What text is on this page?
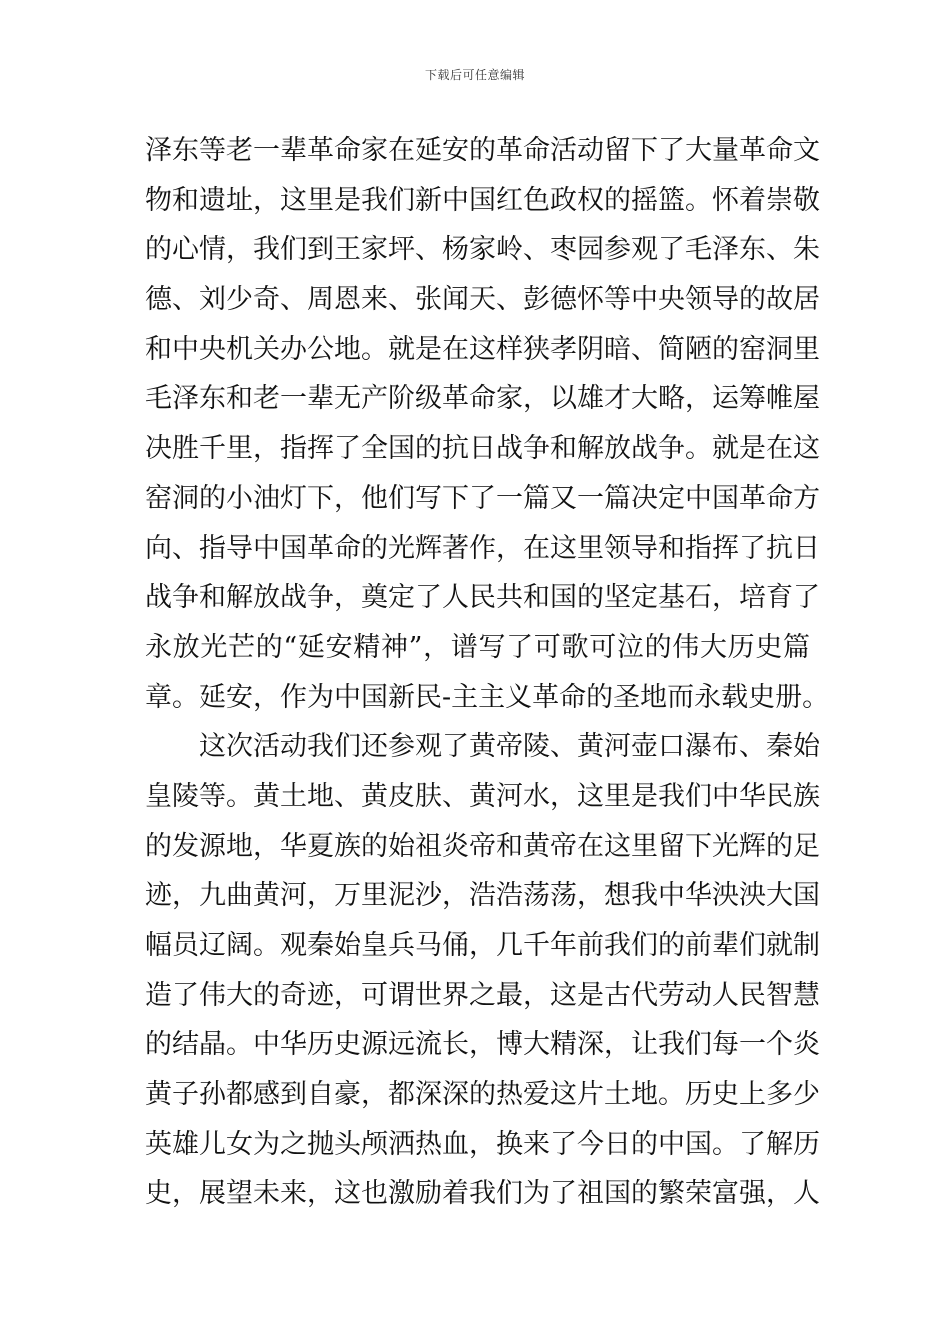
下载后可任意编辑
泽东等老一辈革命家在延安的革命活动留下了大量革命文
物和遗址，这里是我们新中国红色政权的摇篮。怀着崇敬
的心情，我们到王家坪、杨家岭、枣园参观了毛泽东、朱
德、刘少奇、周恩来、张闻天、彭德怀等中央领导的故居
和中央机关办公地。就是在这样狭孝阴暗、简陋的窑洞里
毛泽东和老一辈无产阶级革命家，以雄才大略，运筹帷屋
决胜千里，指挥了全国的抗日战争和解放战争。就是在这
窑洞的小油灯下，他们写下了一篇又一篇决定中国革命方
向、指导中国革命的光辉著作，在这里领导和指挥了抗日
战争和解放战争，奠定了人民共和国的坚定基石，培育了
永放光芒的“延安精神”，谱写了可歌可泣的伟大历史篇
章。延安，作为中国新民-主主义革命的圣地而永载史册。
这次活动我们还参观了黄帝陵、黄河壶口瀑布、秦始
皇陵等。黄土地、黄皮肤、黄河水，这里是我们中华民族
的发源地，华夏族的始祖炎帝和黄帝在这里留下光辉的足
迹，九曲黄河，万里泥沙，浩浩荡荡，想我中华泱泱大国
幅员辽阔。观秦始皇兵马俑，几千年前我们的前辈们就制
造了伟大的奇迹，可谓世界之最，这是古代劳动人民智慧
的结晶。中华历史源远流长，博大精深，让我们每一个炎
黄子孙都感到自豪，都深深的热爱这片土地。历史上多少
英雄儿女为之抛头颅洒热血，换来了今日的中国。了解历
史，展望未来，这也激励着我们为了祖国的繁荣富强，人
